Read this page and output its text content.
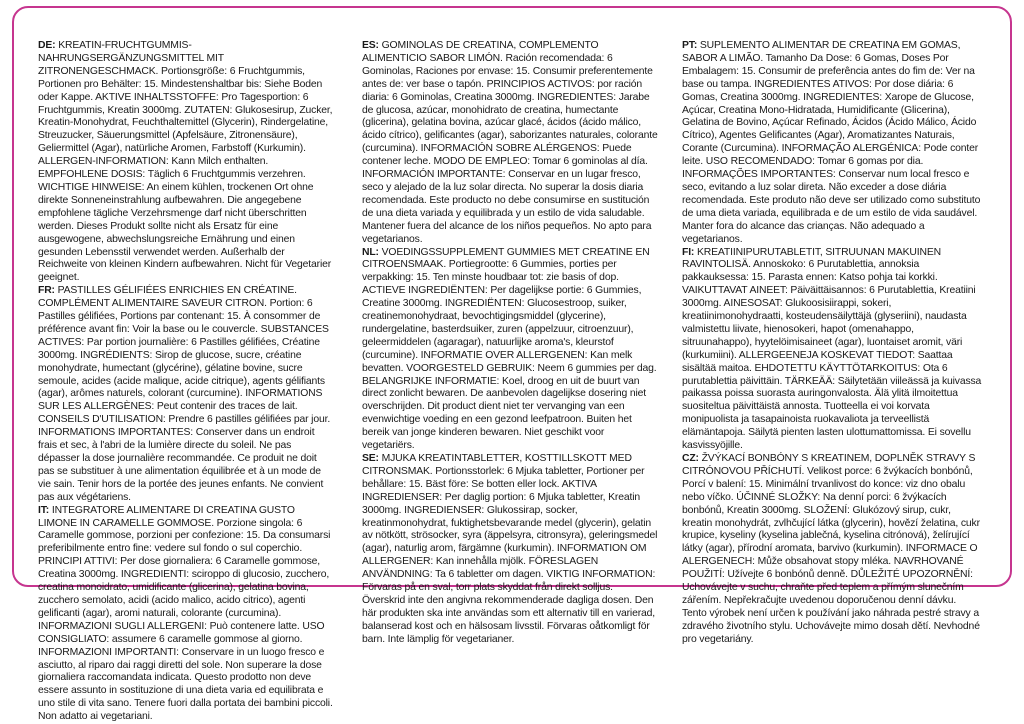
DE: KREATIN-FRUCHTGUMMIS-NAHRUNGSERGÄNZUNGSMITTEL MIT ZITRONENGESCHMACK. Portionsgröße: 6 Fruchtgummis, Portionen pro Behälter: 15. Mindestenshaltbar bis: Siehe Boden oder Kappe. AKTIVE INHALTSSTOFFE: Pro Tagesportion: 6 Fruchtgummis, Kreatin 3000mg. ZUTATEN: Glukosesirup, Zucker, Kreatin-Monohydrat, Feuchthaltemittel (Glycerin), Rindergelatine, Streuzucker, Säuerungsmittel (Apfelsäure, Zitronensäure), Geliermittel (Agar), natürliche Aromen, Farbstoff (Kurkumin). ALLERGEN-INFORMATION: Kann Milch enthalten. EMPFOHLENE DOSIS: Täglich 6 Fruchtgummis verzehren. WICHTIGE HINWEISE: An einem kühlen, trockenen Ort ohne direkte Sonneneinstrahlung aufbewahren. Die angegebene empfohlene tägliche Verzehrsmenge darf nicht überschritten werden. Dieses Produkt sollte nicht als Ersatz für eine ausgewogene, abwechslungsreiche Ernährung und einen gesunden Lebensstil verwendet werden. Außerhalb der Reichweite von kleinen Kindern aufbewahren. Nicht für Vegetarier geeignet.

FR: PASTILLES GÉLIFIÉES ENRICHIES EN CRÉATINE. COMPLÉMENT ALIMENTAIRE SAVEUR CITRON. Portion: 6 Pastilles gélifiées, Portions par contenant: 15. À consommer de préférence avant fin: Voir la base ou le couvercle. SUBSTANCES ACTIVES: Par portion journalière: 6 Pastilles gélifiées, Créatine 3000mg. INGRÉDIENTS: Sirop de glucose, sucre, créatine monohydrate, humectant (glycérine), gélatine bovine, sucre semoule, acides (acide malique, acide citrique), agents gélifiants (agar), arômes naturels, colorant (curcumine). INFORMATIONS SUR LES ALLERGÈNES: Peut contenir des traces de lait. CONSEILS D'UTILISATION: Prendre 6 pastilles gélifiées par jour. INFORMATIONS IMPORTANTES: Conserver dans un endroit frais et sec, à l'abri de la lumière directe du soleil. Ne pas dépasser la dose journalière recommandée. Ce produit ne doit pas se substituer à une alimentation équilibrée et à un mode de vie sain. Tenir hors de la portée des jeunes enfants. Ne convient pas aux végétariens.

IT: INTEGRATORE ALIMENTARE DI CREATINA GUSTO LIMONE IN CARAMELLE GOMMOSE. Porzione singola: 6 Caramelle gommose, porzioni per confezione: 15. Da consumarsi preferibilmente entro fine: vedere sul fondo o sul coperchio. PRINCIPI ATTIVI: Per dose giornaliera: 6 Caramelle gommose, Creatina 3000mg. INGREDIENTI: sciroppo di glucosio, zucchero, creatina monoidrato, umidificante (glicerina), gelatina bovina, zucchero semolato, acidi (acido malico, acido citrico), agenti gelificanti (agar), aromi naturali, colorante (curcumina). INFORMAZIONI SUGLI ALLERGENI: Può contenere latte. USO CONSIGLIATO: assumere 6 caramelle gommose al giorno. INFORMAZIONI IMPORTANTI: Conservare in un luogo fresco e asciutto, al riparo dai raggi diretti del sole. Non superare la dose giornaliera raccomandata indicata. Questo prodotto non deve essere assunto in sostituzione di una dieta varia ed equilibrata e uno stile di vita sano. Tenere fuori dalla portata dei bambini piccoli. Non adatto ai vegetariani.

ES: GOMINOLAS DE CREATINA, COMPLEMENTO ALIMENTICIO SABOR LIMÓN. Ración recomendada: 6 Gominolas, Raciones por envase: 15. Consumir preferentemente antes de: ver base o tapón. PRINCIPIOS ACTIVOS: por ración diaria: 6 Gominolas, Creatina 3000mg. INGREDIENTES: Jarabe de glucosa, azúcar, monohidrato de creatina, humectante (glicerina), gelatina bovina, azúcar glacé, ácidos (ácido málico, ácido cítrico), gelificantes (agar), saborizantes naturales, colorante (curcumina). INFORMACIÓN SOBRE ALÉRGENOS: Puede contener leche. MODO DE EMPLEO: Tomar 6 gominolas al día. INFORMACIÓN IMPORTANTE: Conservar en un lugar fresco, seco y alejado de la luz solar directa. No superar la dosis diaria recomendada. Este producto no debe consumirse en sustitución de una dieta variada y equilibrada y un estilo de vida saludable. Mantener fuera del alcance de los niños pequeños. No apto para vegetarianos.

NL: VOEDINGSSUPPLEMENT GUMMIES MET CREATINE EN CITROENSMAAK. Portiegrootte: 6 Gummies, porties per verpakking: 15. Ten minste houdbaar tot: zie basis of dop. ACTIEVE INGREDIËNTEN: Per dagelijkse portie: 6 Gummies, Creatine 3000mg. INGREDIËNTEN: Glucosestroop, suiker, creatinemonohydraat, bevochtigingsmiddel (glycerine), rundergelatine, basterdsuiker, zuren (appelzuur, citroenzuur), geleermiddelen (agaragar), natuurlijke aroma's, kleurstof (curcumine). INFORMATIE OVER ALLERGENEN: Kan melk bevatten. VOORGESTELD GEBRUIK: Neem 6 gummies per dag. BELANGRIJKE INFORMATIE: Koel, droog en uit de buurt van direct zonlicht bewaren. De aanbevolen dagelijkse dosering niet overschrijden. Dit product dient niet ter vervanging van een evenwichtige voeding en een gezond leefpatroon. Buiten het bereik van jonge kinderen bewaren. Niet geschikt voor vegetariërs.

SE: MJUKA KREATINTABLETTER, KOSTTILLSKOTT MED CITRONSMAK. Portionsstorlek: 6 Mjuka tabletter, Portioner per behållare: 15. Bäst före: Se botten eller lock. AKTIVA INGREDIENSER: Per daglig portion: 6 Mjuka tabletter, Kreatin 3000mg. INGREDIENSER: Glukossirap, socker, kreatinmonohydrat, fuktighetsbevarande medel (glycerin), gelatin av nötkött, strösocker, syra (äppelsyra, citronsyra), geleringsmedel (agar), naturlig arom, färgämne (kurkumin). INFORMATION OM ALLERGENER: Kan innehålla mjölk. FÖRESLAGEN ANVÄNDNING: Ta 6 tabletter om dagen. VIKTIG INFORMATION: Förvaras på en sval, torr plats skyddat från direkt solljus. Överskrid inte den angivna rekommenderade dagliga dosen. Den här produkten ska inte användas som ett alternativ till en varierad, balanserad kost och en hälsosam livsstil. Förvaras oåtkomligt för barn. Inte lämplig för vegetarianer.

PT: SUPLEMENTO ALIMENTAR DE CREATINA EM GOMAS, SABOR A LIMÃO. Tamanho Da Dose: 6 Gomas, Doses Por Embalagem: 15. Consumir de preferência antes do fim de: Ver na base ou tampa. INGREDIENTES ATIVOS: Por dose diária: 6 Gomas, Creatina 3000mg. INGREDIENTES: Xarope de Glucose, Açúcar, Creatina Mono-Hidratada, Humidificante (Glicerina), Gelatina de Bovino, Açúcar Refinado, Ácidos (Ácido Málico, Ácido Cítrico), Agentes Gelificantes (Agar), Aromatizantes Naturais, Corante (Curcumina). INFORMAÇÃO ALERGÉNICA: Pode conter leite. USO RECOMENDADO: Tomar 6 gomas por dia. INFORMAÇÕES IMPORTANTES: Conservar num local fresco e seco, evitando a luz solar direta. Não exceder a dose diária recomendada. Este produto não deve ser utilizado como substituto de uma dieta variada, equilibrada e de um estilo de vida saudável. Manter fora do alcance das crianças. Não adequado a vegetarianos.

FI: KREATIINIPURUTABLETIT, SITRUUNAN MAKUINEN RAVINTOLISÄ. Annoskoko: 6 Purutablettia, annoksia pakkauksessa: 15. Parasta ennen: Katso pohja tai korkki. VAIKUTTAVAT AINEET: Päiväittäisannos: 6 Purutablettia, Kreatiini 3000mg. AINESOSAT: Glukoosisiirappi, sokeri, kreatiinimonohydraatti, kosteudensäilyttäjä (glyseriini), naudasta valmistettu liivate, hienosokeri, hapot (omenahappo, sitruunahappo), hyytelöimisaineet (agar), luontaiset aromit, väri (kurkumiini). ALLERGEENEJA KOSKEVAT TIEDOT: Saattaa sisältää maitoa. EHDOTETTU KÄYTTÖTARKOITUS: Ota 6 purutablettia päivittäin. TÄRKEÄÄ: Säilytetään viileässä ja kuivassa paikassa poissa suorasta auringonvalosta. Älä ylitä ilmoitettua suositeltua päivittäistä annosta. Tuotteella ei voi korvata monipuolista ja tasapainoista ruokavaliota ja terveellistä elämäntapoja. Säilytä pienten lasten ulottumattomissa. Ei sovellu kasvissyöjille.

CZ: ŽVÝKACÍ BONBÓNY S KREATINEM, DOPLNĚK STRAVY S CITRÓNOVOU PŘÍCHUTÍ. Velikost porce: 6 žvýkacích bonbónů, Porcí v balení: 15. Minimální trvanlivost do konce: viz dno obalu nebo víčko. ÚČINNÉ SLOŽKY: Na denní porci: 6 žvýkacích bonbónů, Kreatin 3000mg. SLOŽENÍ: Glukózový sirup, cukr, kreatin monohydrát, zvlhčující látka (glycerin), hovězí želatina, cukr krupice, kyseliny (kyselina jablečná, kyselina citrónová), želírující látky (agar), přírodní aromata, barvivo (kurkumin). INFORMACE O ALERGENECH: Může obsahovat stopy mléka. NAVRHOVANÉ POUŽITÍ: Užívejte 6 bonbónů denně. DŮLEŽITÉ UPOZORNĚNÍ: Uchovávejte v suchu, chraňte před teplem a přímým slunečním zářením. Nepřekračujte uvedenou doporučenou denní dávku. Tento výrobek není určen k používání jako náhrada pestré stravy a zdravého životního stylu. Uchovávejte mimo dosah dětí. Nevhodné pro vegetariány.
